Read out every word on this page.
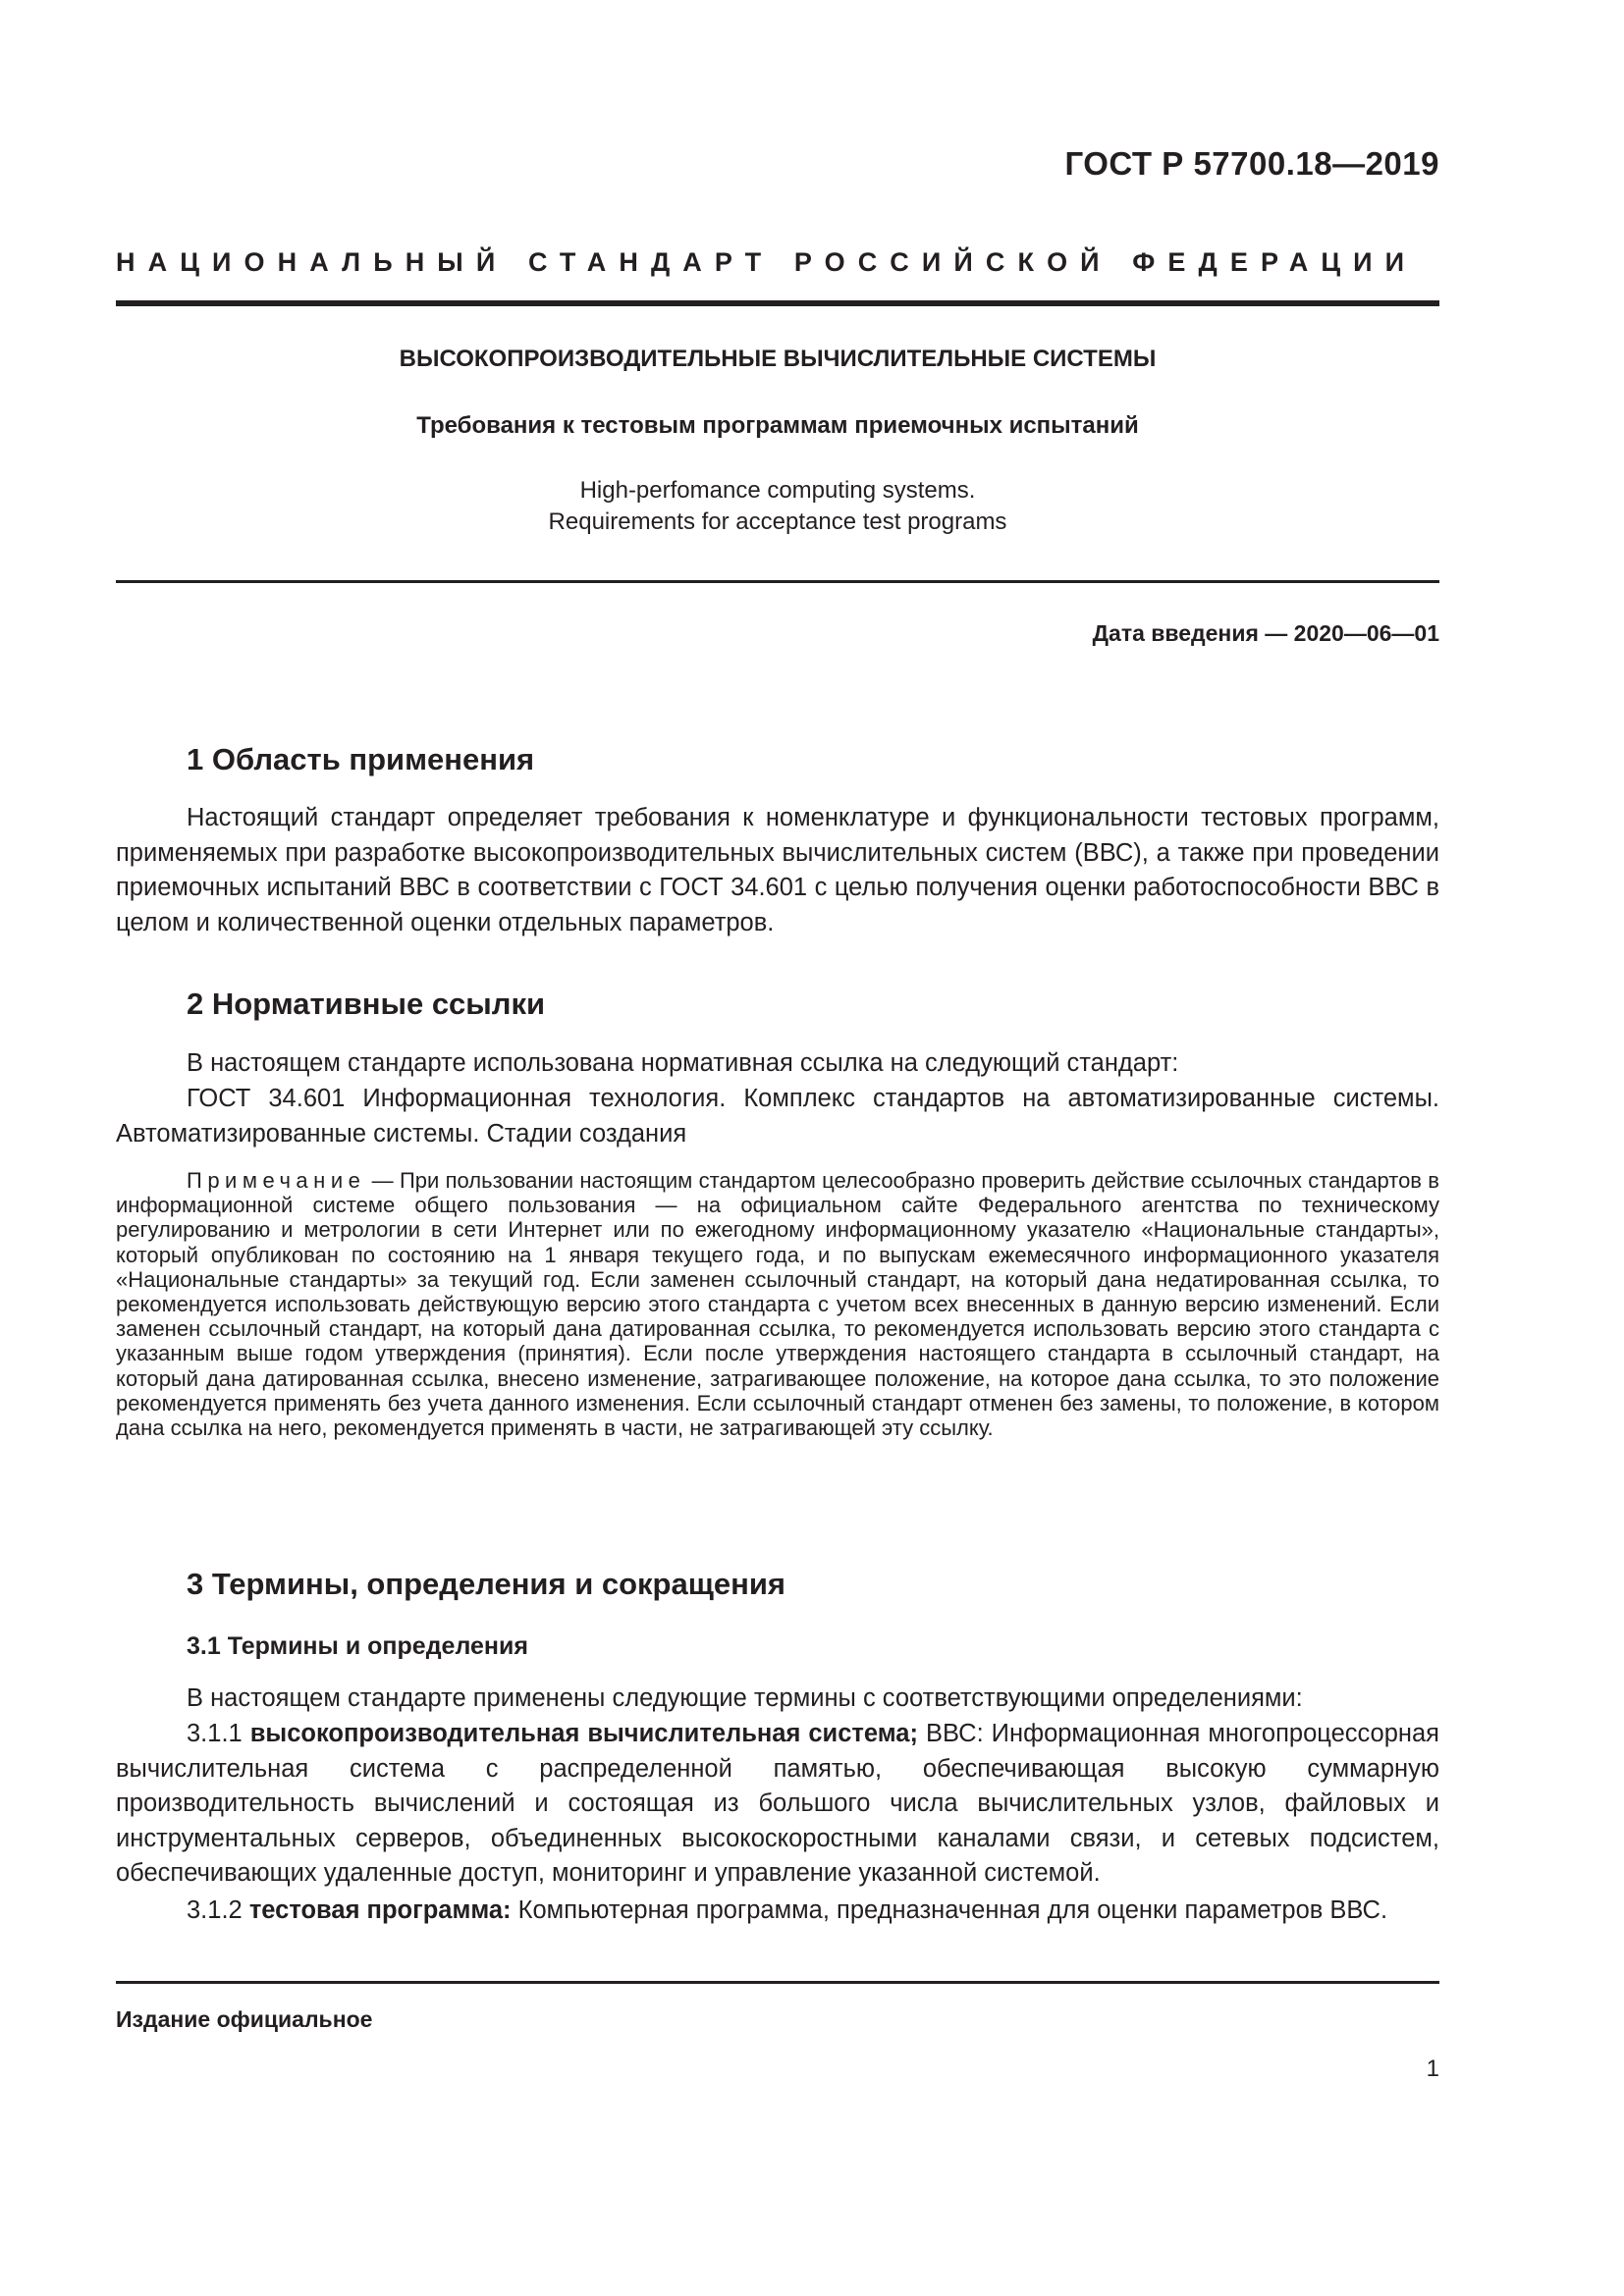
ГОСТ Р 57700.18—2019
НАЦИОНАЛЬНЫЙ СТАНДАРТ РОССИЙСКОЙ ФЕДЕРАЦИИ
ВЫСОКОПРОИЗВОДИТЕЛЬНЫЕ ВЫЧИСЛИТЕЛЬНЫЕ СИСТЕМЫ
Требования к тестовым программам приемочных испытаний
High-perfomance computing systems.
Requirements for acceptance test programs
Дата введения — 2020—06—01
1 Область применения
Настоящий стандарт определяет требования к номенклатуре и функциональности тестовых программ, применяемых при разработке высокопроизводительных вычислительных систем (ВВС), а также при проведении приемочных испытаний ВВС в соответствии с ГОСТ 34.601 с целью получения оценки работоспособности ВВС в целом и количественной оценки отдельных параметров.
2 Нормативные ссылки
В настоящем стандарте использована нормативная ссылка на следующий стандарт:
ГОСТ 34.601 Информационная технология. Комплекс стандартов на автоматизированные системы. Автоматизированные системы. Стадии создания
Примечание — При пользовании настоящим стандартом целесообразно проверить действие ссылочных стандартов в информационной системе общего пользования — на официальном сайте Федерального агентства по техническому регулированию и метрологии в сети Интернет или по ежегодному информационному указателю «Национальные стандарты», который опубликован по состоянию на 1 января текущего года, и по выпускам ежемесячного информационного указателя «Национальные стандарты» за текущий год. Если заменен ссылочный стандарт, на который дана недатированная ссылка, то рекомендуется использовать действующую версию этого стандарта с учетом всех внесенных в данную версию изменений. Если заменен ссылочный стандарт, на который дана датированная ссылка, то рекомендуется использовать версию этого стандарта с указанным выше годом утверждения (принятия). Если после утверждения настоящего стандарта в ссылочный стандарт, на который дана датированная ссылка, внесено изменение, затрагивающее положение, на которое дана ссылка, то это положение рекомендуется применять без учета данного изменения. Если ссылочный стандарт отменен без замены, то положение, в котором дана ссылка на него, рекомендуется применять в части, не затрагивающей эту ссылку.
3 Термины, определения и сокращения
3.1 Термины и определения
В настоящем стандарте применены следующие термины с соответствующими определениями:
3.1.1 высокопроизводительная вычислительная система; ВВС: Информационная многопроцессорная вычислительная система с распределенной памятью, обеспечивающая высокую суммарную производительность вычислений и состоящая из большого числа вычислительных узлов, файловых и инструментальных серверов, объединенных высокоскоростными каналами связи, и сетевых подсистем, обеспечивающих удаленные доступ, мониторинг и управление указанной системой.
3.1.2 тестовая программа: Компьютерная программа, предназначенная для оценки параметров ВВС.
Издание официальное
1
